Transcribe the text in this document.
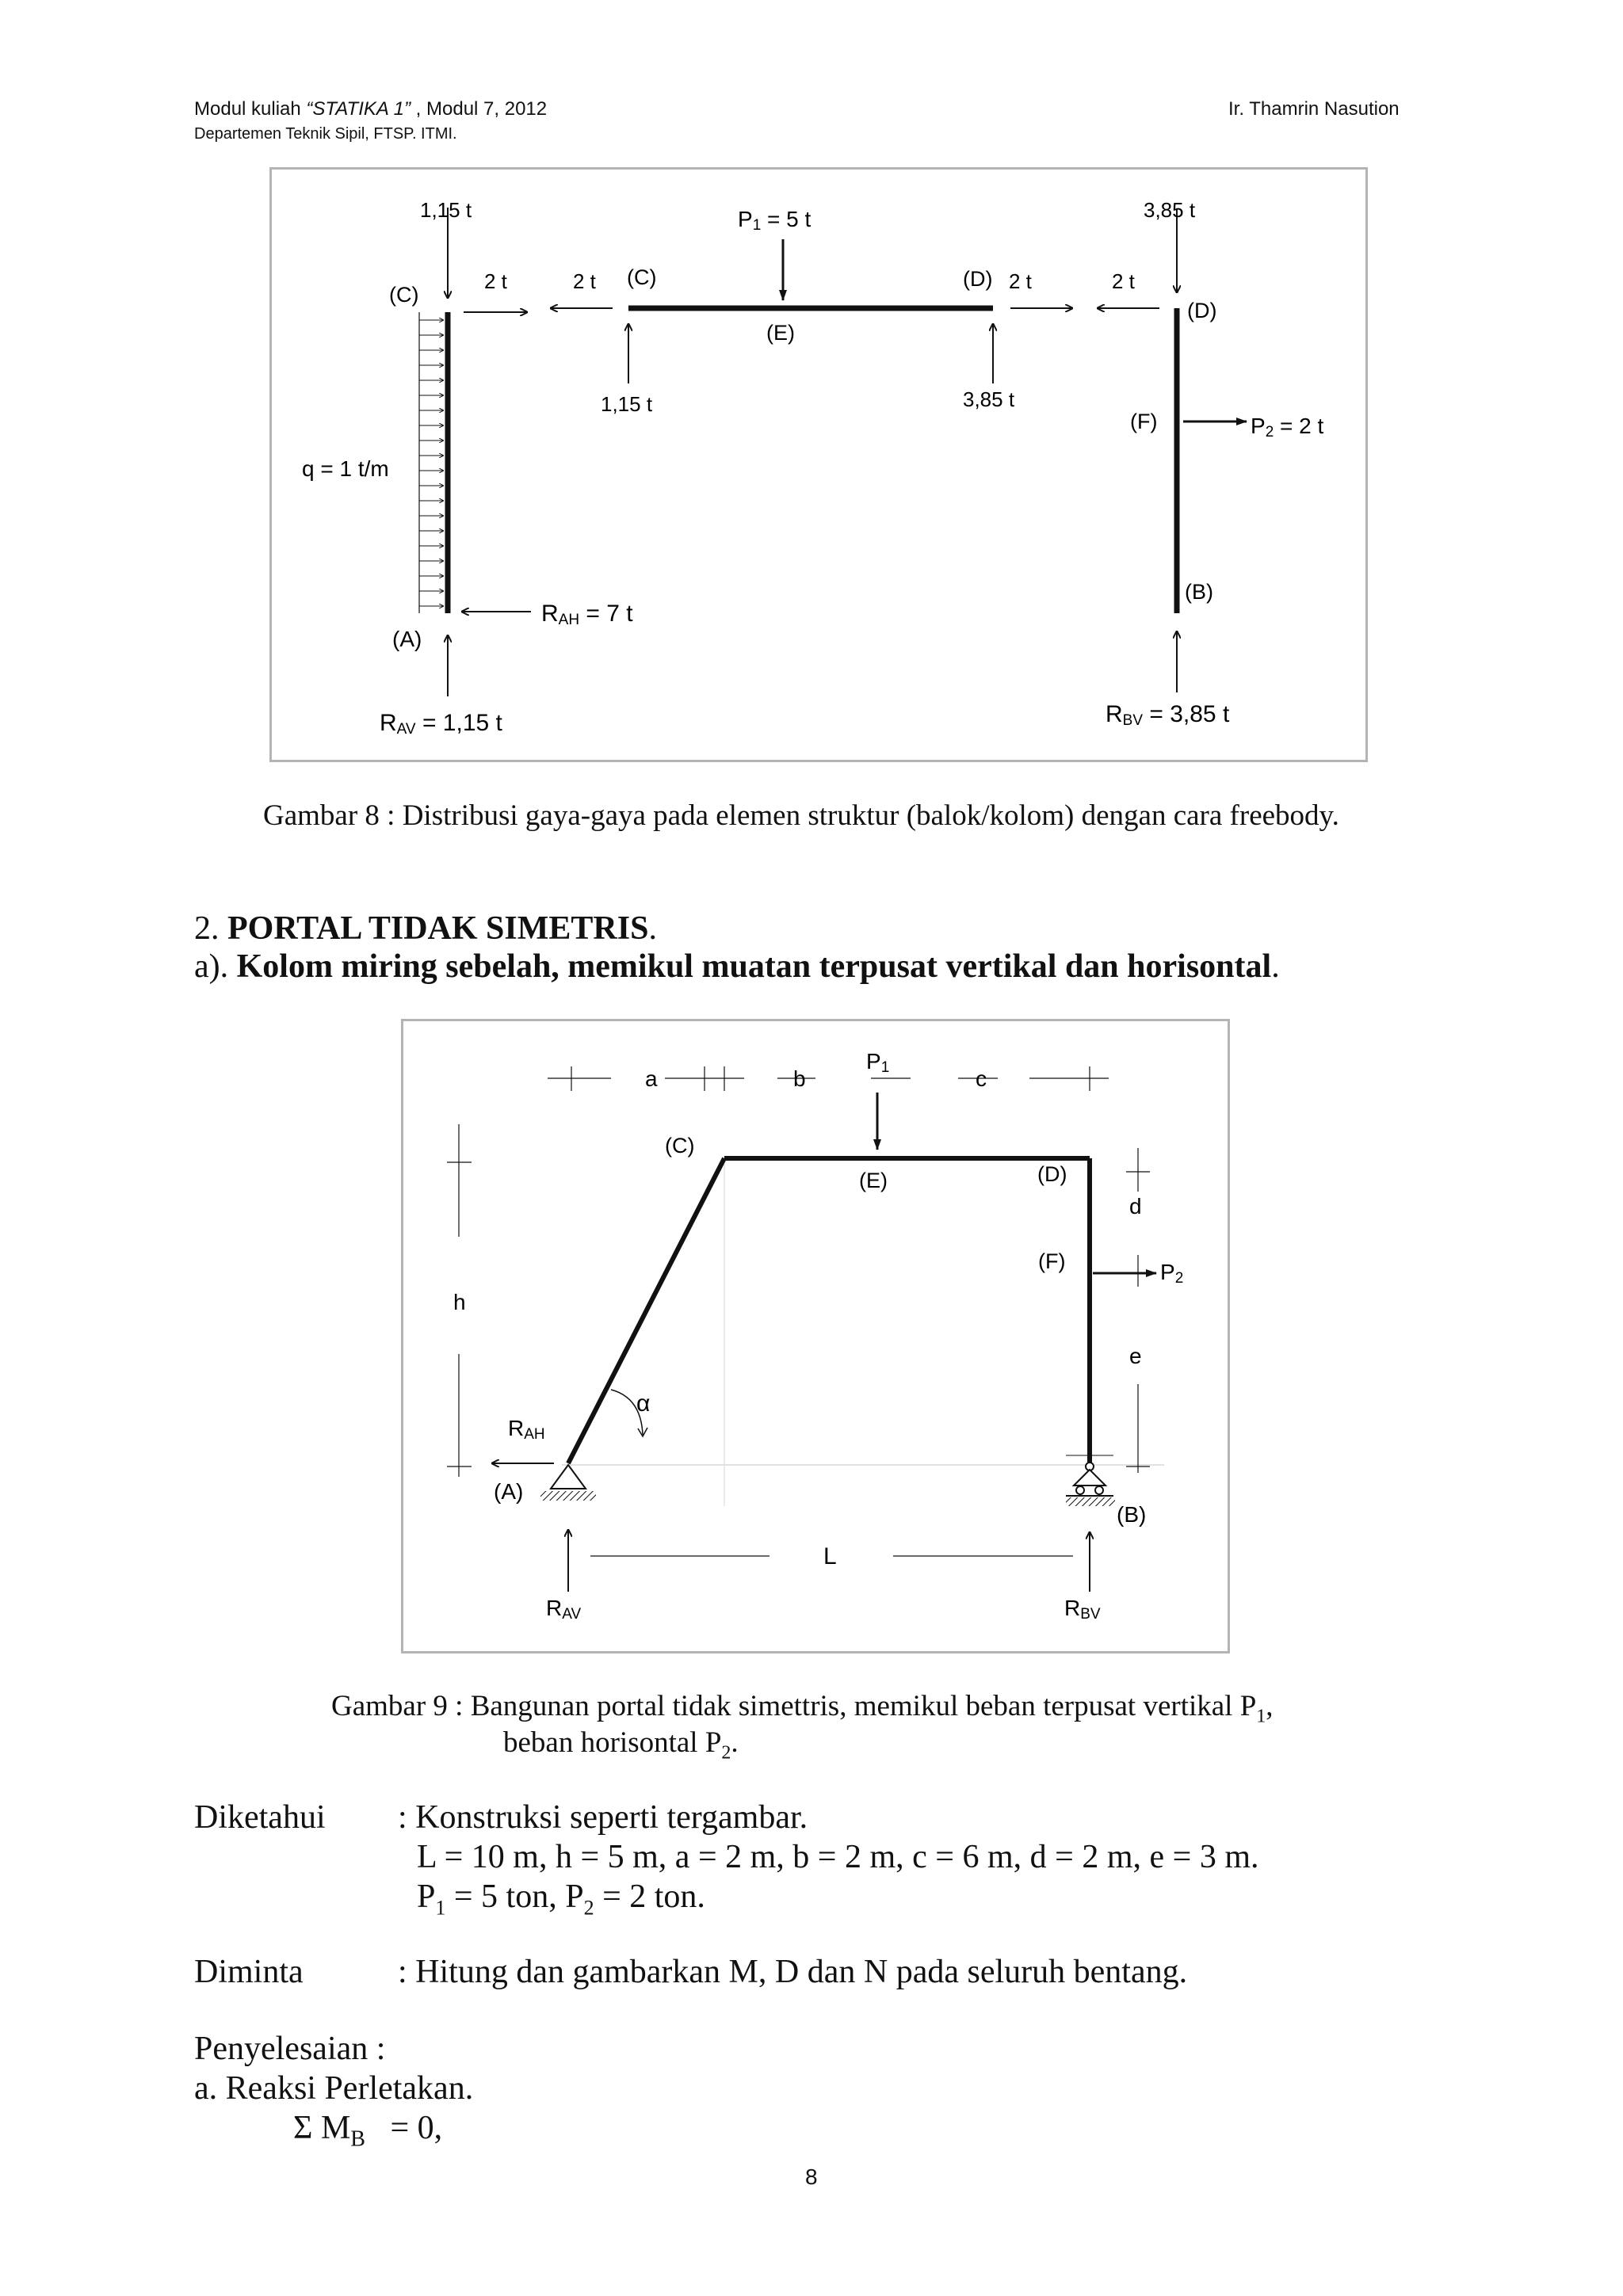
Modul kuliah “STATIKA 1” , Modul 7, 2012
Departemen Teknik Sipil, FTSP. ITMI.
Ir. Thamrin Nasution
1,15 t
(C)
2 t
q = 1 t/m
(A)
RAH = 7 t
RAV = 1,15 t
2 t (C)
P1 = 5 t
(D)
(E)
1,15 t	3,85 t
2 t	2 t
3,85 t
(D)
(F)	P2 = 2 t
(B)
RBV = 3,85 t
Gambar 8 : Distribusi gaya-gaya pada elemen struktur (balok/kolom) dengan cara freebody.
2. PORTAL TIDAK SIMETRIS.
a). Kolom miring sebelah, memikul muatan terpusat vertikal dan horisontal.
P1
a	b	c
(C)
(E)	(D)
d
(F)	P2
h
e
α
RAH
(A)
(B)
L
RAV	RBV
Gambar 9 : Bangunan portal tidak simettris, memikul beban terpusat vertikal $P_1$,
beban horisontal $P_2$.
Diketahui : Konstruksi seperti tergambar.
L = 10 m, h = 5 m, a = 2 m, b = 2 m, c = 6 m, d = 2 m, e = 3 m.
$P_1 = 5$ ton, $P_2 = 2$ ton.
Diminta	: Hitung dan gambarkan M, D dan N pada seluruh bentang.
Penyelesaian :
a. Reaksi Perletakan.
Σ $M_B = 0$,
8
